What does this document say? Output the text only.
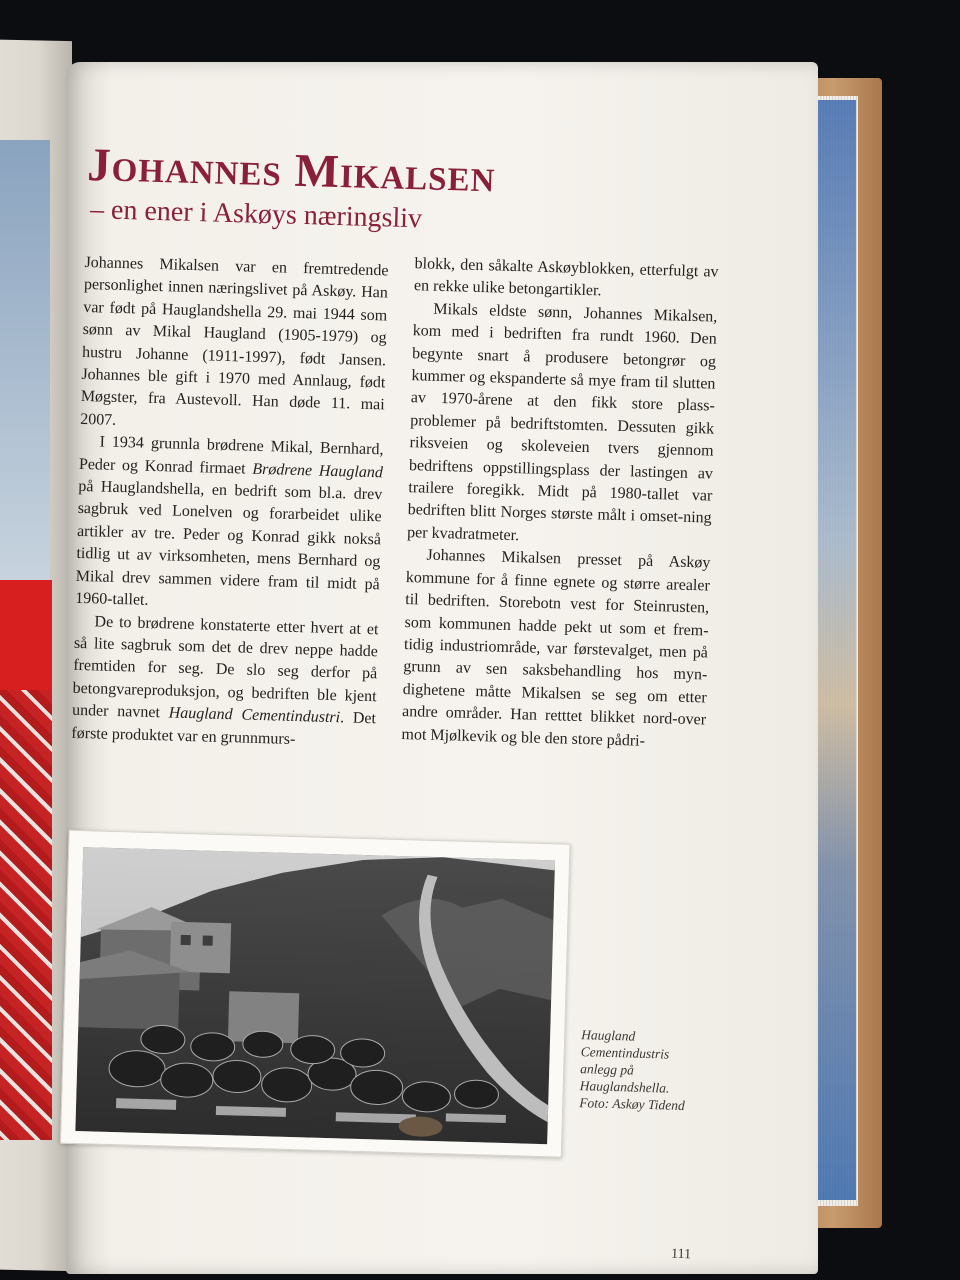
Johannes Mikalsen
– en ener i Askøys næringsliv

Johannes Mikalsen var en fremtredende personlighet innen næringslivet på Askøy. Han var født på Hauglandshella 29. mai 1944 som sønn av Mikal Haugland (1905-1979) og hustru Johanne (1911-1997), født Jansen. Johannes ble gift i 1970 med Annlaug, født Møgster, fra Austevoll. Han døde 11. mai 2007.

I 1934 grunnla brødrene Mikal, Bernhard, Peder og Konrad firmaet Brødrene Haugland på Hauglandshella, en bedrift som bl.a. drev sagbruk ved Lonelven og forarbeidet ulike artikler av tre. Peder og Konrad gikk nokså tidlig ut av virksomheten, mens Bernhard og Mikal drev sammen videre fram til midt på 1960-tallet.

De to brødrene konstaterte etter hvert at et så lite sagbruk som det de drev neppe hadde fremtiden for seg. De slo seg derfor på betongvareproduksjon, og bedriften ble kjent under navnet Haugland Cementindustri. Det første produktet var en grunnmurs-

blokk, den såkalte Askøyblokken, etterfulgt av en rekke ulike betongartikler.

Mikals eldste sønn, Johannes Mikalsen, kom med i bedriften fra rundt 1960. Den begynte snart å produsere betongrør og kummer og ekspanderte så mye fram til slutten av 1970-årene at den fikk store plass-problemer på bedriftstomten. Dessuten gikk riksveien og skoleveien tvers gjennom bedriftens oppstillingsplass der lastingen av trailere foregikk. Midt på 1980-tallet var bedriften blitt Norges største målt i omset-ning per kvadratmeter.

Johannes Mikalsen presset på Askøy kommune for å finne egnete og større arealer til bedriften. Storebotn vest for Steinrusten, som kommunen hadde pekt ut som et frem-tidig industriområde, var førstevalget, men på grunn av sen saksbehandling hos myn-dighetene måtte Mikalsen se seg om etter andre områder. Han retttet blikket nord-over mot Mjølkevik og ble den store pådri-

Haugland
Cementindustris
anlegg på
Hauglandshella.
Foto: Askøy Tidend
111
